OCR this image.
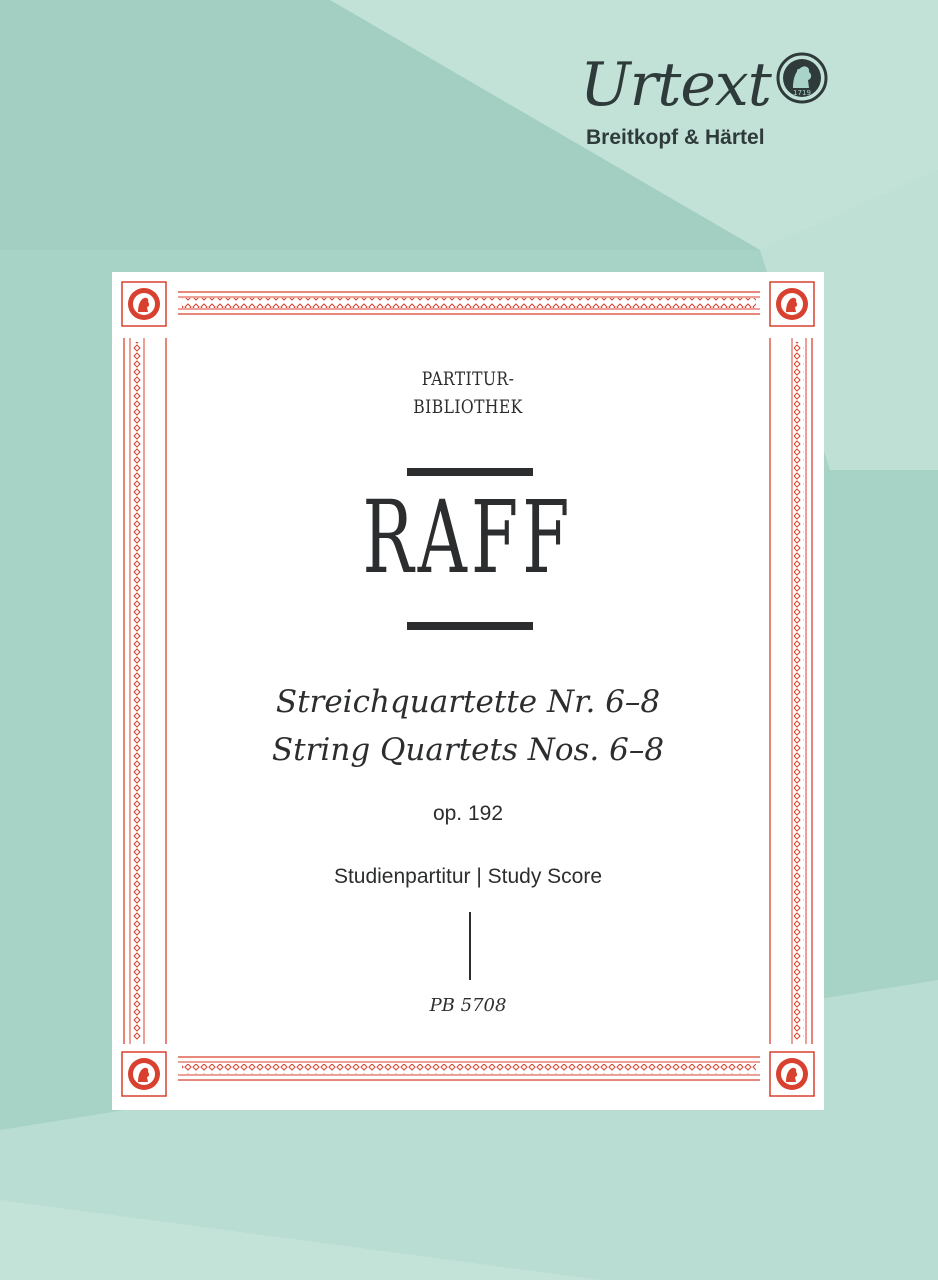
Urtext
Breitkopf & Härtel
1719
PARTITUR-
BIBLIOTHEK
RAFF
Streichquartette Nr. 6–8
String Quartets Nos. 6–8
op. 192
Studienpartitur | Study Score
PB 5708
